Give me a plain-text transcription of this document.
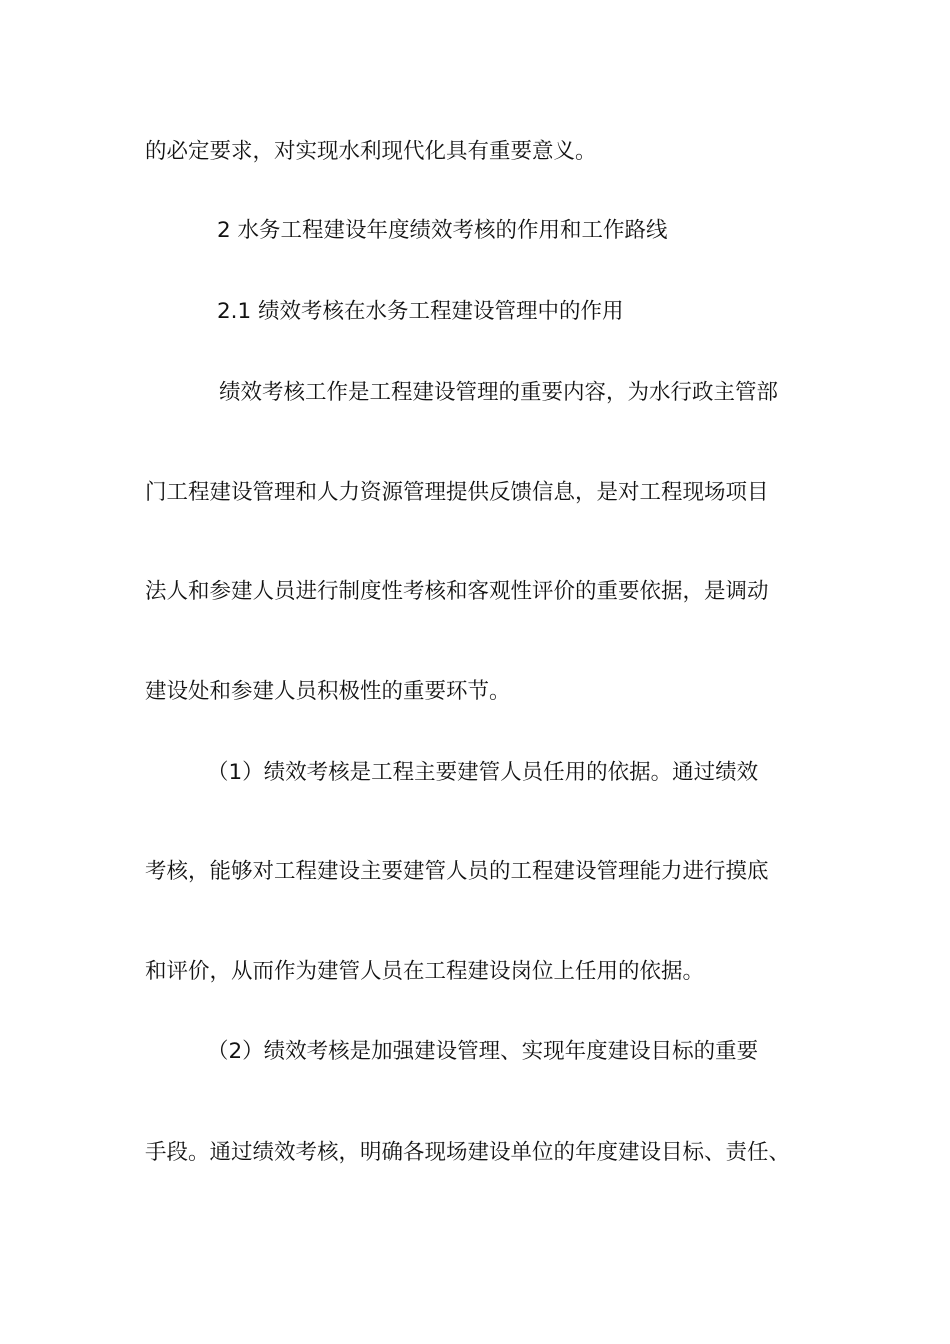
的必定要求，对实现水利现代化具有重要意义。
2 水务工程建设年度绩效考核的作用和工作路线
2.1 绩效考核在水务工程建设管理中的作用
绩效考核工作是工程建设管理的重要内容，为水行政主管部
门工程建设管理和人力资源管理提供反馈信息，是对工程现场项目
法人和参建人员进行制度性考核和客观性评价的重要依据，是调动
建设处和参建人员积极性的重要环节。
（1）绩效考核是工程主要建管人员任用的依据。通过绩效
考核，能够对工程建设主要建管人员的工程建设管理能力进行摸底
和评价，从而作为建管人员在工程建设岗位上任用的依据。
（2）绩效考核是加强建设管理、实现年度建设目标的重要
手段。通过绩效考核，明确各现场建设单位的年度建设目标、责任、
